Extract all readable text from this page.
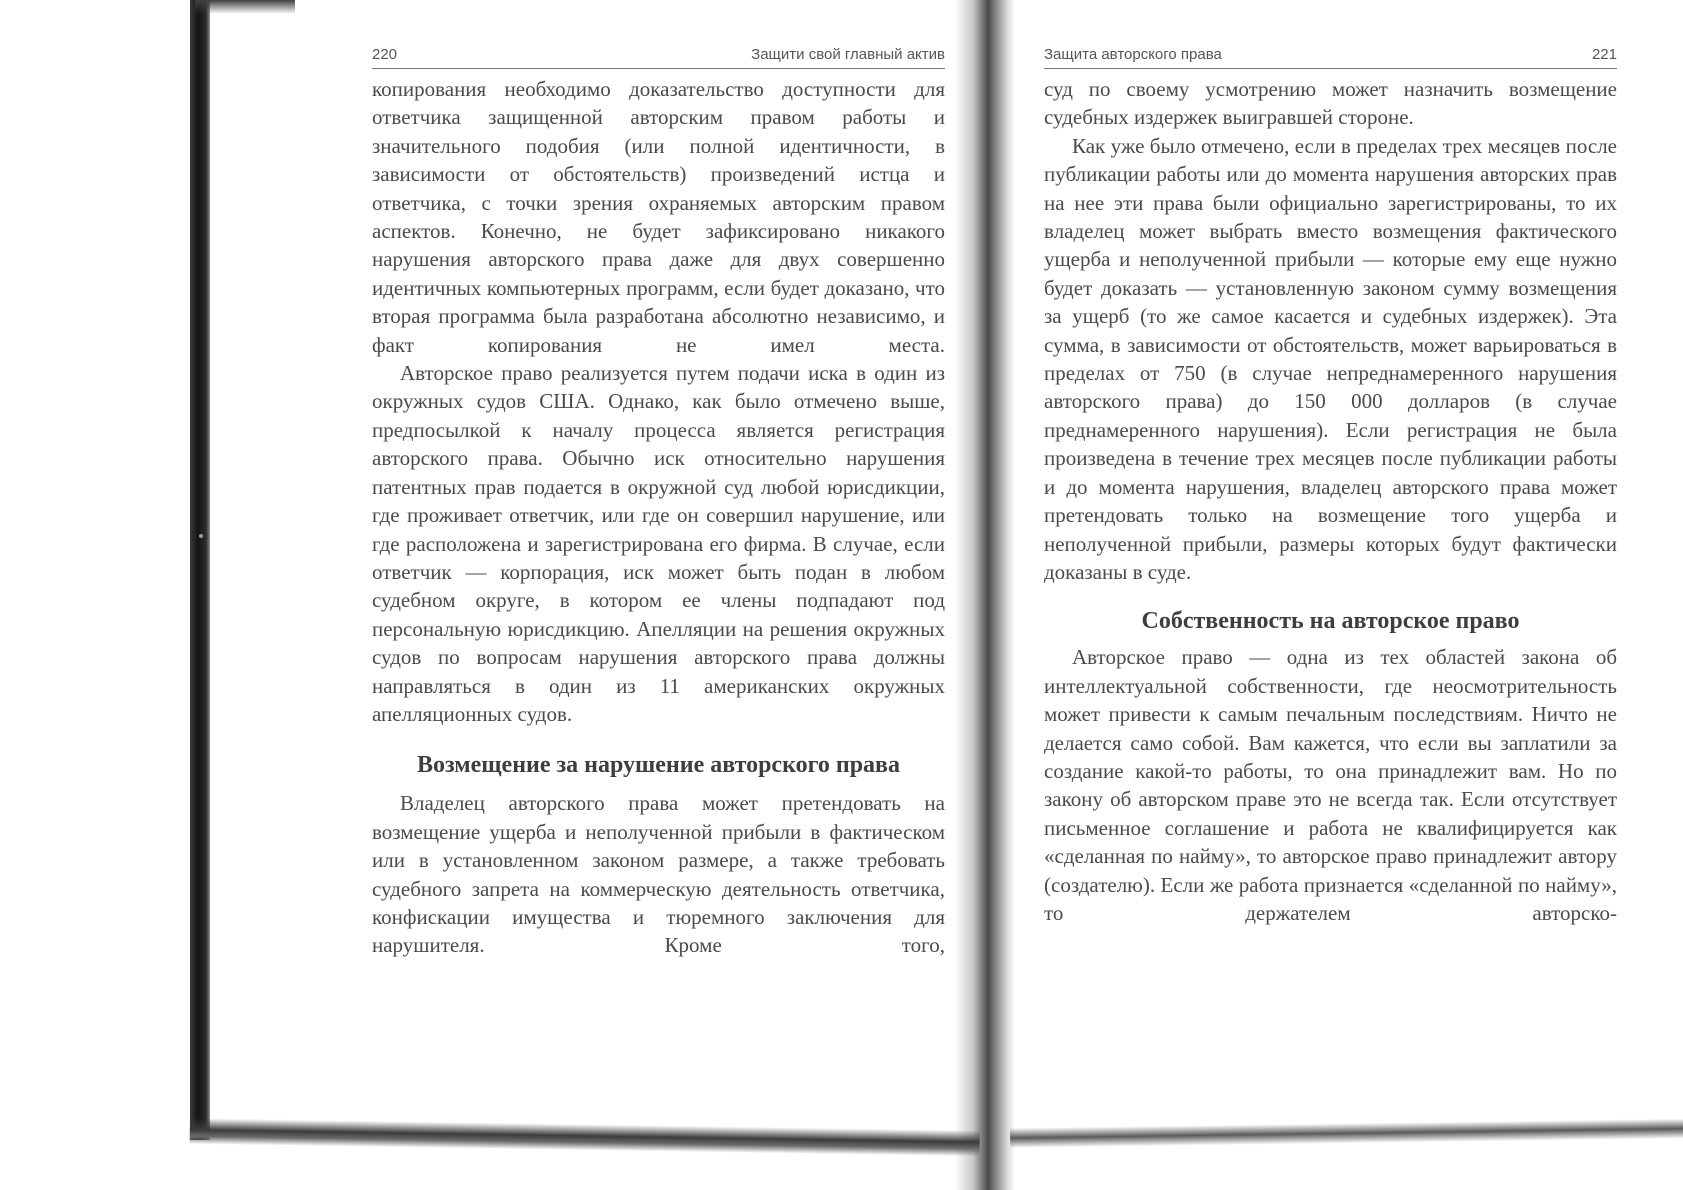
220	Защити свой главный актив

копирования необходимо доказательство доступности для ответчика защищенной авторским правом работы и значительного подобия (или полной идентичности, в зависимости от обстоятельств) произведений истца и ответчика, с точки зрения охраняемых авторским правом аспектов. Конечно, не будет зафиксировано никакого нарушения авторского права даже для двух совершенно идентичных компьютерных программ, если будет доказано, что вторая программа была разработана абсолютно независимо, и факт копирования не имел места.

Авторское право реализуется путем подачи иска в один из окружных судов США. Однако, как было отмечено выше, предпосылкой к началу процесса является регистрация авторского права. Обычно иск относительно нарушения патентных прав подается в окружной суд любой юрисдикции, где проживает ответчик, или где он совершил нарушение, или где расположена и зарегистрирована его фирма. В случае, если ответчик — корпорация, иск может быть подан в любом судебном округе, в котором ее члены подпадают под персональную юрисдикцию. Апелляции на решения окружных судов по вопросам нарушения авторского права должны направляться в один из 11 американских окружных апелляционных судов.

Возмещение за нарушение авторского права

Владелец авторского права может претендовать на возмещение ущерба и неполученной прибыли в фактическом или в установленном законом размере, а также требовать судебного запрета на коммерческую деятельность ответчика, конфискации имущества и тюремного заключения для нарушителя. Кроме того,

Защита авторского права	221

суд по своему усмотрению может назначить возмещение судебных издержек выигравшей стороне.

Как уже было отмечено, если в пределах трех месяцев после публикации работы или до момента нарушения авторских прав на нее эти права были официально зарегистрированы, то их владелец может выбрать вместо возмещения фактического ущерба и неполученной прибыли — которые ему еще нужно будет доказать — установленную законом сумму возмещения за ущерб (то же самое касается и судебных издержек). Эта сумма, в зависимости от обстоятельств, может варьироваться в пределах от 750 (в случае непреднамеренного нарушения авторского права) до 150 000 долларов (в случае преднамеренного нарушения). Если регистрация не была произведена в течение трех месяцев после публикации работы и до момента нарушения, владелец авторского права может претендовать только на возмещение того ущерба и неполученной прибыли, размеры которых будут фактически доказаны в суде.

Собственность на авторское право

Авторское право — одна из тех областей закона об интеллектуальной собственности, где неосмотрительность может привести к самым печальным последствиям. Ничто не делается само собой. Вам кажется, что если вы заплатили за создание какой-то работы, то она принадлежит вам. Но по закону об авторском праве это не всегда так. Если отсутствует письменное соглашение и работа не квалифицируется как «сделанная по найму», то авторское право принадлежит автору (создателю). Если же работа признается «сделанной по найму», то держателем авторско-
